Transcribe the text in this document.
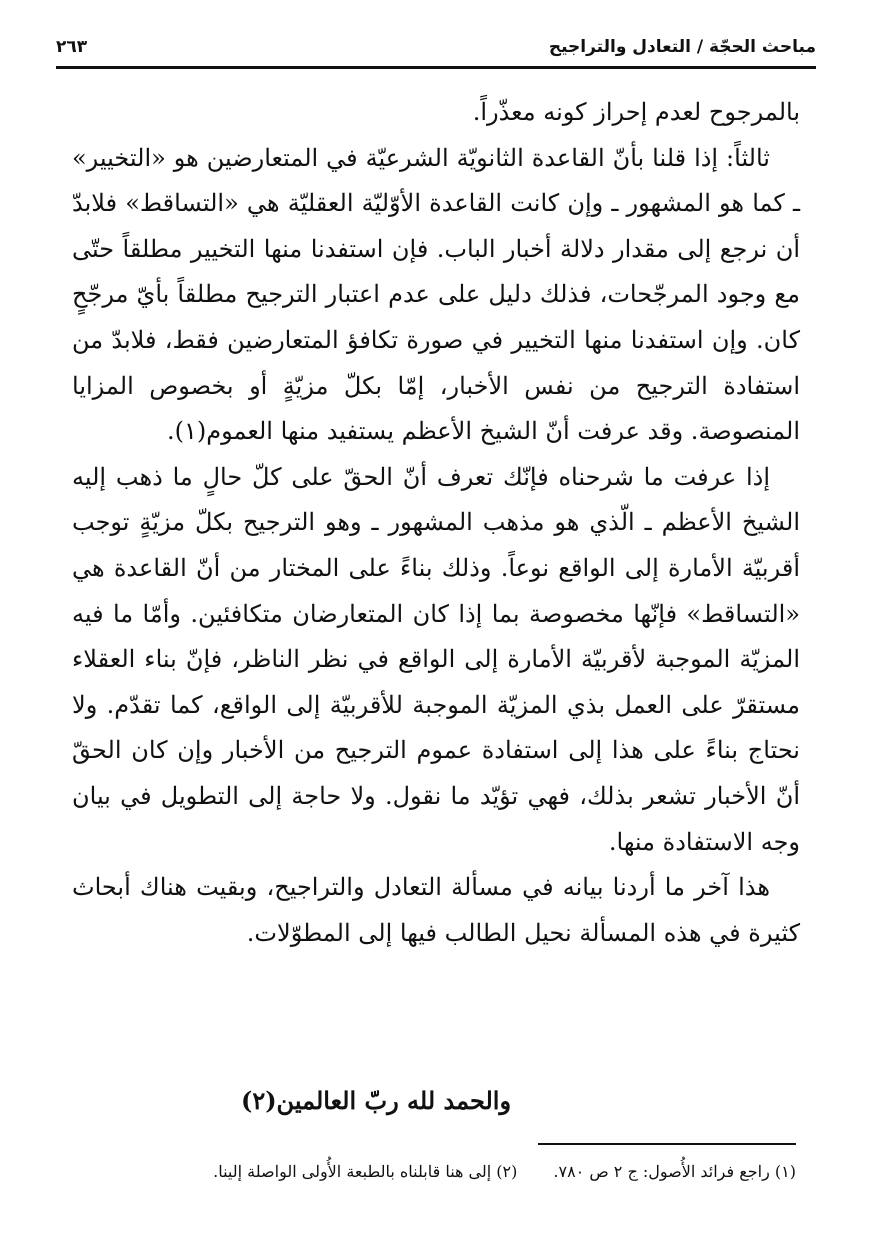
مباحث الحجّة / التعادل والتراجيح
٢٦٣

بالمرجوح لعدم إحراز كونه معذّراً.

ثالثاً: إذا قلنا بأنّ القاعدة الثانويّة الشرعيّة في المتعارضين هو «التخيير» ـ كما هو المشهور ـ وإن كانت القاعدة الأوّليّة العقليّة هي «التساقط» فلابدّ أن نرجع إلى مقدار دلالة أخبار الباب. فإن استفدنا منها التخيير مطلقاً حتّى مع وجود المرجّحات، فذلك دليل على عدم اعتبار الترجيح مطلقاً بأيّ مرجّحٍ كان. وإن استفدنا منها التخيير في صورة تكافؤ المتعارضين فقط، فلابدّ من استفادة الترجيح من نفس الأخبار، إمّا بكلّ مزيّةٍ أو بخصوص المزايا المنصوصة. وقد عرفت أنّ الشيخ الأعظم يستفيد منها العموم(١).

إذا عرفت ما شرحناه فإنّك تعرف أنّ الحقّ على كلّ حالٍ ما ذهب إليه الشيخ الأعظم ـ الّذي هو مذهب المشهور ـ وهو الترجيح بكلّ مزيّةٍ توجب أقربيّة الأمارة إلى الواقع نوعاً. وذلك بناءً على المختار من أنّ القاعدة هي «التساقط» فإنّها مخصوصة بما إذا كان المتعارضان متكافئين. وأمّا ما فيه المزيّة الموجبة لأقربيّة الأمارة إلى الواقع في نظر الناظر، فإنّ بناء العقلاء مستقرّ على العمل بذي المزيّة الموجبة للأقربيّة إلى الواقع، كما تقدّم. ولا نحتاج بناءً على هذا إلى استفادة عموم الترجيح من الأخبار وإن كان الحقّ أنّ الأخبار تشعر بذلك، فهي تؤيّد ما نقول. ولا حاجة إلى التطويل في بيان وجه الاستفادة منها.

هذا آخر ما أردنا بيانه في مسألة التعادل والتراجيح، وبقيت هناك أبحاث كثيرة في هذه المسألة نحيل الطالب فيها إلى المطوّلات.

والحمد لله ربّ العالمين(٢)
(١) راجع فرائد الأُصول: ج ٢ ص ٧٨٠.
(٢) إلى هنا قابلناه بالطبعة الأُولى الواصلة إلينا.
